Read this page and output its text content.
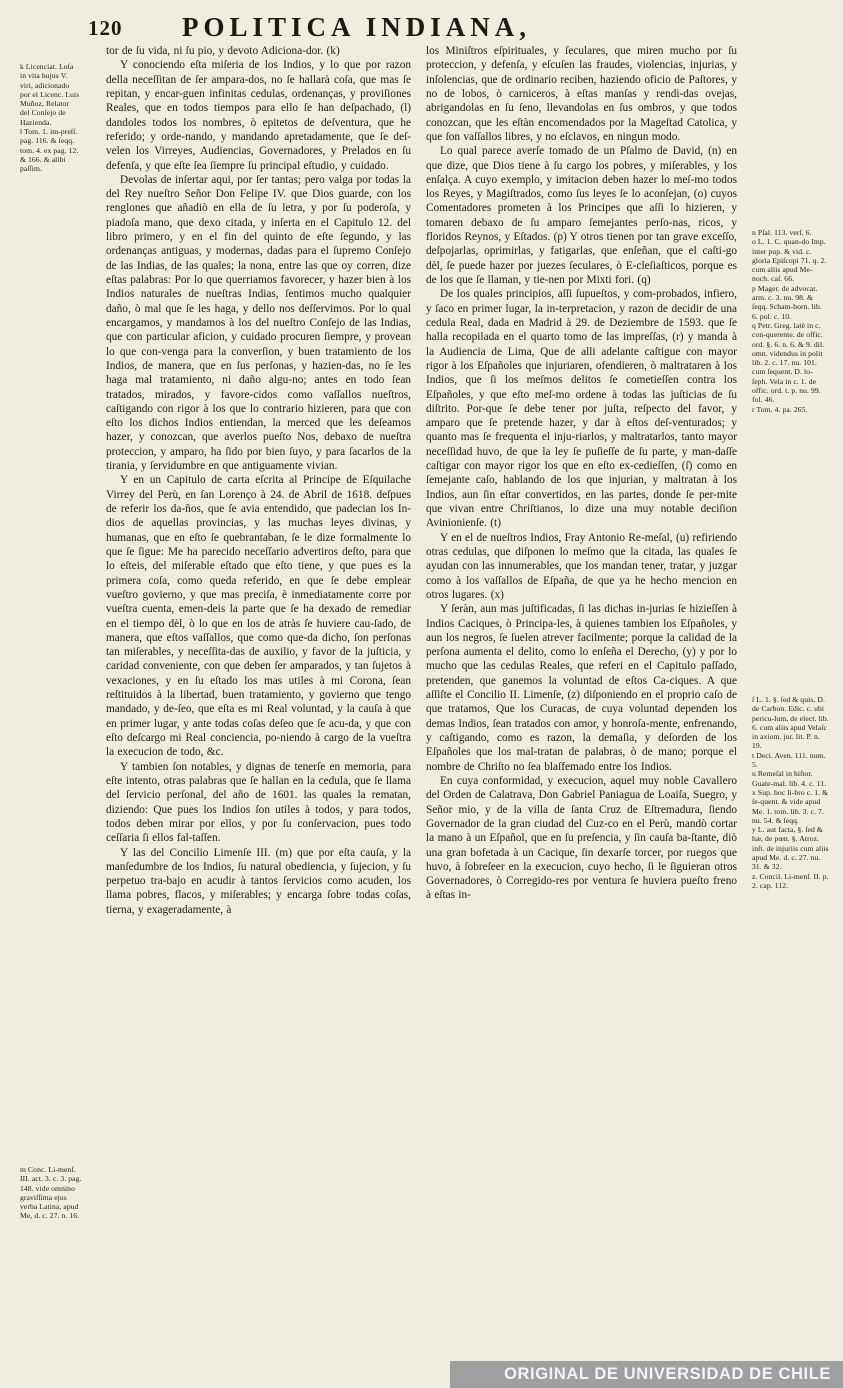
120 POLITICA INDIANA,

k Licenciat. Loſa in vita hujus V. viri, adicionado por el Licenc. Luis Muñoz, Relator del Conſejo de Hazienda.

l Tom. 1. im-preſſ. pag. 116. & ſeqq. tom. 4. ex pag. 12. & 166. & alibi paſſim.

m Conc. Li-menſ. III. act. 3. c. 3. pag. 148. vide omnino graviſſima ejus verba Latina, apud Me, d. c. 27. n. 16.

tor de ſu vida, ni ſu pio, y devoto Adiciona-dor. (k)

Y conociendo eſta miſeria de los Indios, y lo que por razon della neceſſitan de ſer ampara-dos, no ſe hallarà coſa, que mas ſe repitan, y encar-guen infinitas cedulas, ordenanças, y proviſiones Reales, que en todos tiempos para ello ſe han deſpachado, (l) dandoles todos los nombres, ò epitetos de deſventura, que he referido; y orde-nando, y mandando apretadamente, que ſe deſ-velen los Virreyes, Audiencias, Governadores, y Prelados en ſu defenſa, y que eſte ſea ſiempre ſu principal eſtudio, y cuidado.

Devolas de inſertar aqui, por ſer tantas; pero valga por todas la del Rey nueſtro Señor Don Felipe IV. que Dios guarde, con los renglones que añadiò en ella de ſu letra, y por ſu poderoſa, y piadoſa mano, que dexo citada, y inſerta en el Capitulo 12. del libro primero, y en el fin del quinto de eſte ſegundo, y las ordenanças antiguas, y modernas, dadas para el ſupremo Conſejo de las Indias, de las quales; la nona, entre las que oy corren, dize eſtas palabras: Por lo que querriamos favorecer, y hazer bien à los Indios naturales de nueſtras Indias, ſentimos mucho qualquier daño, ò mal que ſe les haga, y dello nos deſſervimos. Por lo qual encargamos, y mandamos à los del nueſtro Conſejo de las Indias, que con particular aficion, y cuidado procuren ſiempre, y provean lo que con-venga para la converſion, y buen tratamiento de los Indios, de manera, que en ſus perſonas, y hazien-das, no ſe les haga mal tratamiento, ni daño algu-no; antes en todo ſean tratados, mirados, y favore-cidos como vaſſallos nueſtros, caſtigando con rigor à los que lo contrario hizieren, para que con eſto los dichos Indios entiendan, la merced que les deſeamos hazer, y conozcan, que averlos pueſto Nos, debaxo de nueſtra proteccion, y amparo, ha ſido por bien ſuyo, y para ſacarlos de la tirania, y ſervidumbre en que antiguamente vivian.

Y en un Capitulo de carta eſcrita al Principe de Eſquilache Virrey del Perù, en ſan Lorenço à 24. de Abril de 1618. deſpues de referir los da-ños, que ſe avia entendido, que padecian los In-dios de aquellas provincias, y las muchas leyes divinas, y humanas, que en eſto ſe quebrantaban, ſe le dize formalmente lo que ſe ſigue: Me ha parecido neceſſario advertiros deſto, para que lo eſteis, del miſerable eſtado que eſto tiene, y que pues es la primera coſa, como queda referido, en que ſe debe emplear vueſtro govierno, y que mas preciſa, è inmediatamente corre por vueſtra cuenta, emen-deis la parte que ſe ha dexado de remediar en el tiempo dèl, ò lo que en los de atràs ſe huviere cau-ſado, de manera, que eſtos vaſſallos, que como que-da dicho, ſon perſonas tan miſerables, y neceſſita-das de auxilio, y favor de la juſticia, y caridad conveniente, con que deben ſer amparados, y tan ſujetos à vexaciones, y en ſu eſtado los mas utiles à mi Corona, ſean reſtituidos à la libertad, buen tratamiento, y govierno que tengo mandado, y de-ſeo, que eſta es mi Real voluntad, y la cauſa à que en primer lugar, y ante todas coſas deſeo que ſe acu-da, y que con eſto deſcargo mi Real conciencia, po-niendo à cargo de la vueſtra la execucion de todo, &c.

Y tambien ſon notables, y dignas de tenerſe en memoria, para eſte intento, otras palabras que ſe hallan en la cedula, que ſe llama del ſervicio perſonal, del año de 1601. las quales la rematan, diziendo: Que pues los Indios ſon utiles à todos, y para todos, todos deben mirar por ellos, y por ſu conſervacion, pues todo ceſſaria ſi ellos fal-taſſen.

Y las del Concilio Limenſe III. (m) que por eſta cauſa, y la manſedumbre de los Indios, ſu natural obediencia, y ſujecion, y ſu perpetuo tra-bajo en acudir à tantos ſervicios como acuden, los llama pobres, flacos, y miſerables; y encarga ſobre todas coſas, tierna, y exageradamente, à

los Miniſtros eſpirituales, y ſeculares, que miren mucho por ſu proteccion, y defenſa, y eſcuſen las fraudes, violencias, injurias, y inſolencias, que de ordinario reciben, haziendo oficio de Paſtores, y no de lobos, ò carniceros, à eſtas manſas y rendi-das ovejas, abrigandolas en ſu ſeno, llevandolas en ſus ombros, y que todos conozcan, que les eſtàn encomendados por la Mageſtad Catolica, y que ſon vaſſallos libres, y no eſclavos, en ningun modo.

Lo qual parece averſe tomado de un Pſalmo de David, (n) en que dize, que Dios tiene à ſu cargo los pobres, y miſerables, y los enſalça. A cuyo exemplo, y imitacion deben hazer lo meſ-mo todos los Reyes, y Magiſtrados, como ſus leyes ſe lo aconſejan, (o) cuyos Comentadores prometen à los Principes que aſſi lo hizieren, y tomaren debaxo de ſu amparo ſemejantes perſo-nas, ricos, y floridos Reynos, y Eſtados. (p) Y otros tienen por tan grave exceſſo, deſpojarlas, oprimirlas, y fatigarlas, que enſeñan, que el caſti-go dèl, ſe puede hazer por juezes ſeculares, ò E-cleſiaſticos, porque es de los que ſe llaman, y tie-nen por Mixti fori. (q)

De los quales principios, aſſi ſupueſtos, y com-probados, infiero, y ſaco en primer lugar, la in-terpretacion, y razon de decidir de una cedula Real, dada en Madrid à 29. de Deziembre de 1593. que ſe halla recopilada en el quarto tomo de las impreſſas, (r) y manda à la Audiencia de Lima, Que de alli adelante caſtigue con mayor rigor à los Eſpañoles que injuriaren, ofendieren, ò maltrataren à los Indios, que ſi los meſmos delitos ſe cometieſſen contra los Eſpañoles, y que eſto meſ-mo ordene à todas las juſticias de ſu diſtrito. Por-que ſe debe tener por juſta, reſpecto del favor, y amparo que ſe pretende hazer, y dar à eſtos deſ-venturados; y quanto mas ſe frequenta el inju-riarlos, y maltratarlos, tanto mayor neceſſidad huvo, de que la ley ſe puſieſſe de ſu parte, y man-daſſe caſtigar con mayor rigor los que en eſto ex-cedieſſen, (ſ) como en ſemejante caſo, hablando de los que injurian, y maltratan à los Indios, aun ſin eſtar convertidos, en las partes, donde ſe per-mite que vivan entre Chriſtianos, lo dize una muy notable deciſion Avinionienſe. (t)

Y en el de nueſtros Indios, Fray Antonio Re-meſal, (u) refiriendo otras cedulas, que diſponen lo meſmo que la citada, las quales ſe ayudan con las innumerables, que los mandan tener, tratar, y juzgar como à los vaſſallos de Eſpaña, de que ya he hecho mencion en otros lugares. (x)

Y ſeràn, aun mas juſtificadas, ſi las dichas in-jurias ſe hizieſſen à Indios Caciques, ò Principa-les, à quienes tambien los Eſpañoles, y aun los negros, ſe ſuelen atrever facilmente; porque la calidad de la perſona aumenta el delito, como lo enſeña el Derecho, (y) y por lo mucho que las cedulas Reales, que referi en el Capitulo paſſado, pretenden, que ganemos la voluntad de eſtos Ca-ciques. A que aſſiſte el Concilio II. Limenſe, (z) diſponiendo en el proprio caſo de que tratamos, Que los Curacas, de cuya voluntad dependen los demas Indios, ſean tratados con amor, y honroſa-mente, enfrenando, y caſtigando, como es razon, la demaſia, y deſorden de los Eſpañoles que los mal-tratan de palabras, ò de mano; porque el nombre de Chriſto no ſea blaſfemado entre los Indios.

En cuya conformidad, y execucion, aquel muy noble Cavallero del Orden de Calatrava, Don Gabriel Paniagua de Loaiſa, Suegro, y Señor mio, y de la villa de ſanta Cruz de Eſtremadura, ſiendo Governador de la gran ciudad del Cuz-co en el Perù, mandò cortar la mano à un Eſpañol, que en ſu preſencia, y ſin cauſa ba-ſtante, diò una gran bofetada à un Cacique, ſin dexarſe torcer, por ruegos que huvo, à ſobreſeer en la execucion, cuyo hecho, ſi le ſiguieran otros Governadores, ò Corregido-res por ventura ſe huviera pueſto freno à eſtas in-

n Pſal. 113. verſ. 6.

o L. 1. C. quan-do Imp. inter pup. & vid. c. gloria Epiſcopi 71. q. 2. cum aliis apud Me-noch. caſ. 66.

p Mager. de advocat. arm. c. 3. nu. 98. & ſeqq. Scham-born. lib. 6. pol. c. 10.

q Petr. Greg. latè in c. con-querente. de offic. ord. §. 6. n. 6. & 9. dil. omn. videndus in polit lib. 2. c. 17. nu. 101. cum ſequent. D. lo-ſeph. Vela in c. 1. de offic. ord. t. p. nu. 99. fol. 46.

r Tom. 4. pa. 265.

ſ L. 1. §. ſed & quis, D. de Carbon. Edic. c. ubi pericu-lum, de elect. lib. 6. cum aliis apud Velaſc in axiom. jur. lit. P. n. 19.

t Deci. Aven. 111. num. 5.

u Remeſal in hiſtor. Guate-mal. lib. 4. c. 11.

x Sup. hoc li-bro c. 1. & ſe-quent. & vide apud Me. 1. tom. lib. 3. c. 7. nu. 54. & ſeqq.

y L. aut facta, §. ſed & hæ, de pœn. §. Atroz. inſt. de injuriis cum aliis apud Me. d. c. 27. nu. 31. & 32.

z. Concil. Li-menſ. II. p. 2. cap. 112.

ORIGINAL DE UNIVERSIDAD DE CHILE
